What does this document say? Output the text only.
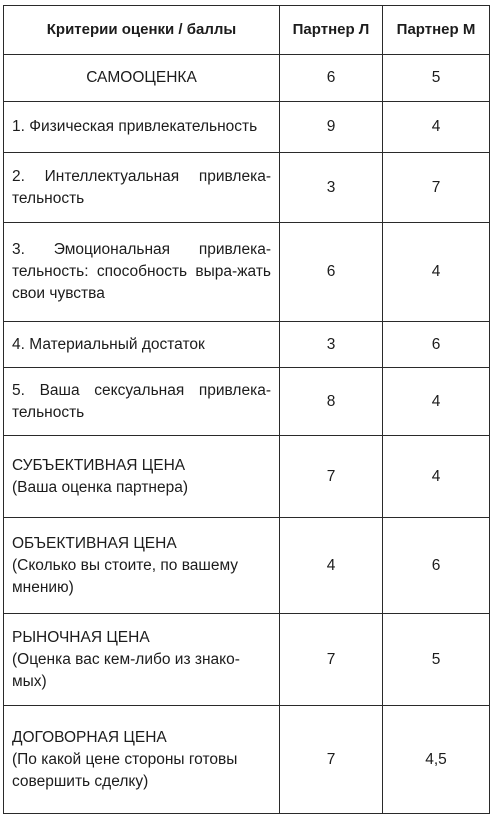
Критерии оценки / баллы	Партнер Л	Партнер М
САМООЦЕНКА	6	5
1. Физическая привлекательность	9	4
2. Интеллектуальная привлека-тельность	3	7
3. Эмоциональная привлека-тельность: способность выра-жать свои чувства	6	4
4. Материальный достаток	3	6
5. Ваша сексуальная привлека-тельность	8	4

СУБЪЕКТИВНАЯ ЦЕНА
(Ваша оценка партнера)	7	4

ОБЪЕКТИВНАЯ ЦЕНА
(Сколько вы стоите, по вашему мнению)	4	6

РЫНОЧНАЯ ЦЕНА
(Оценка вас кем-либо из знако-мых)	7	5

ДОГОВОРНАЯ ЦЕНА
(По какой цене стороны готовы совершить сделку)	7	4,5
